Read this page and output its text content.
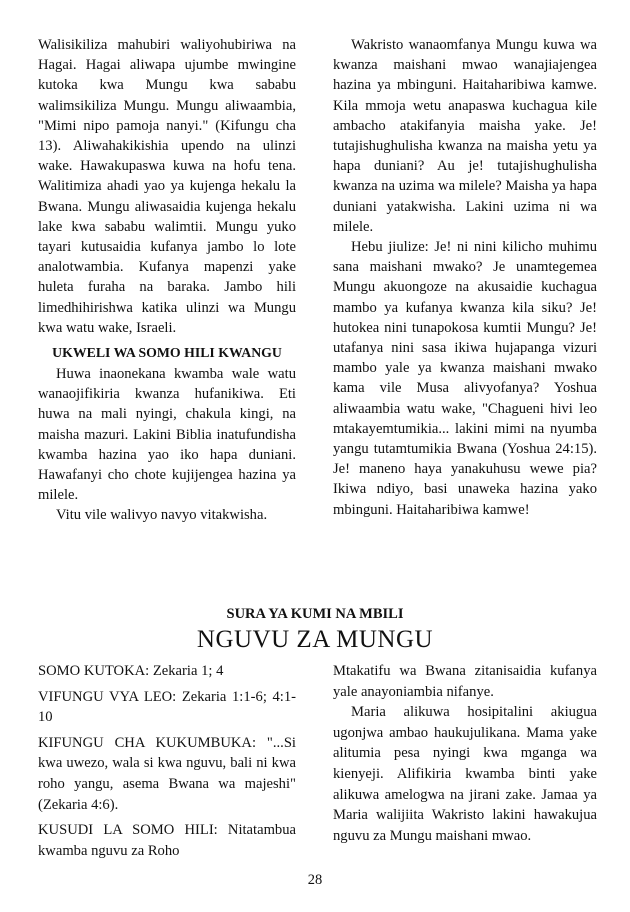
Walisikiliza mahubiri waliyohubiriwa na Hagai. Hagai aliwapa ujumbe mwingine kutoka kwa Mungu kwa sababu walimsikiliza Mungu. Mungu aliwaambia, "Mimi nipo pamoja nanyi." (Kifungu cha 13). Aliwahakikishia upendo na ulinzi wake. Hawakupaswa kuwa na hofu tena. Walitimiza ahadi yao ya kujenga hekalu la Bwana. Mungu aliwasaidia kujenga hekalu lake kwa sababu walimtii. Mungu yuko tayari kutusaidia kufanya jambo lo lote analotwambia. Kufanya mapenzi yake huleta furaha na baraka. Jambo hili limedhihirishwa katika ulinzi wa Mungu kwa watu wake, Israeli.

UKWELI WA SOMO HILI KWANGU

Huwa inaonekana kwamba wale watu wanaojifikiria kwanza hufanikiwa. Eti huwa na mali nyingi, chakula kingi, na maisha mazuri. Lakini Biblia inatufundisha kwamba hazina yao iko hapa duniani. Hawafanyi cho chote kujijengea hazina ya milele.

Vitu vile walivyo navyo vitakwisha.

Wakristo wanaomfanya Mungu kuwa wa kwanza maishani mwao wanajiajengea hazina ya mbinguni. Haitaharibiwa kamwe. Kila mmoja wetu anapaswa kuchagua kile ambacho atakifanyia maisha yake. Je! tutajishughulisha kwanza na maisha yetu ya hapa duniani? Au je! tutajishughulisha kwanza na uzima wa milele? Maisha ya hapa duniani yatakwisha. Lakini uzima ni wa milele.

Hebu jiulize: Je! ni nini kilicho muhimu sana maishani mwako? Je unamtegemea Mungu akuongoze na akusaidie kuchagua mambo ya kufanya kwanza kila siku? Je! hutokea nini tunapokosa kumtii Mungu? Je! utafanya nini sasa ikiwa hujapanga vizuri mambo yale ya kwanza maishani mwako kama vile Musa alivyofanya? Yoshua aliwaambia watu wake, "Chagueni hivi leo mtakayemtumikia... lakini mimi na nyumba yangu tutamtumikia Bwana (Yoshua 24:15). Je! maneno haya yanakuhusu wewe pia? Ikiwa ndiyo, basi unaweka hazina yako mbinguni. Haitaharibiwa kamwe!

SURA YA KUMI NA MBILI
NGUVU ZA MUNGU

SOMO KUTOKA: Zekaria 1; 4

VIFUNGU VYA LEO: Zekaria 1:1-6; 4:1-10

KIFUNGU CHA KUKUMBUKA: "...Si kwa uwezo, wala si kwa nguvu, bali ni kwa roho yangu, asema Bwana wa majeshi" (Zekaria 4:6).

KUSUDI LA SOMO HILI: Nitatambua kwamba nguvu za Roho

Mtakatifu wa Bwana zitanisaidia kufanya yale anayoniambia nifanye.

Maria alikuwa hosipitalini akiugua ugonjwa ambao haukujulikana. Mama yake alitumia pesa nyingi kwa mganga wa kienyeji. Alifikiria kwamba binti yake alikuwa amelogwa na jirani zake. Jamaa ya Maria walijiita Wakristo lakini hawakujua nguvu za Mungu maishani mwao.

28
